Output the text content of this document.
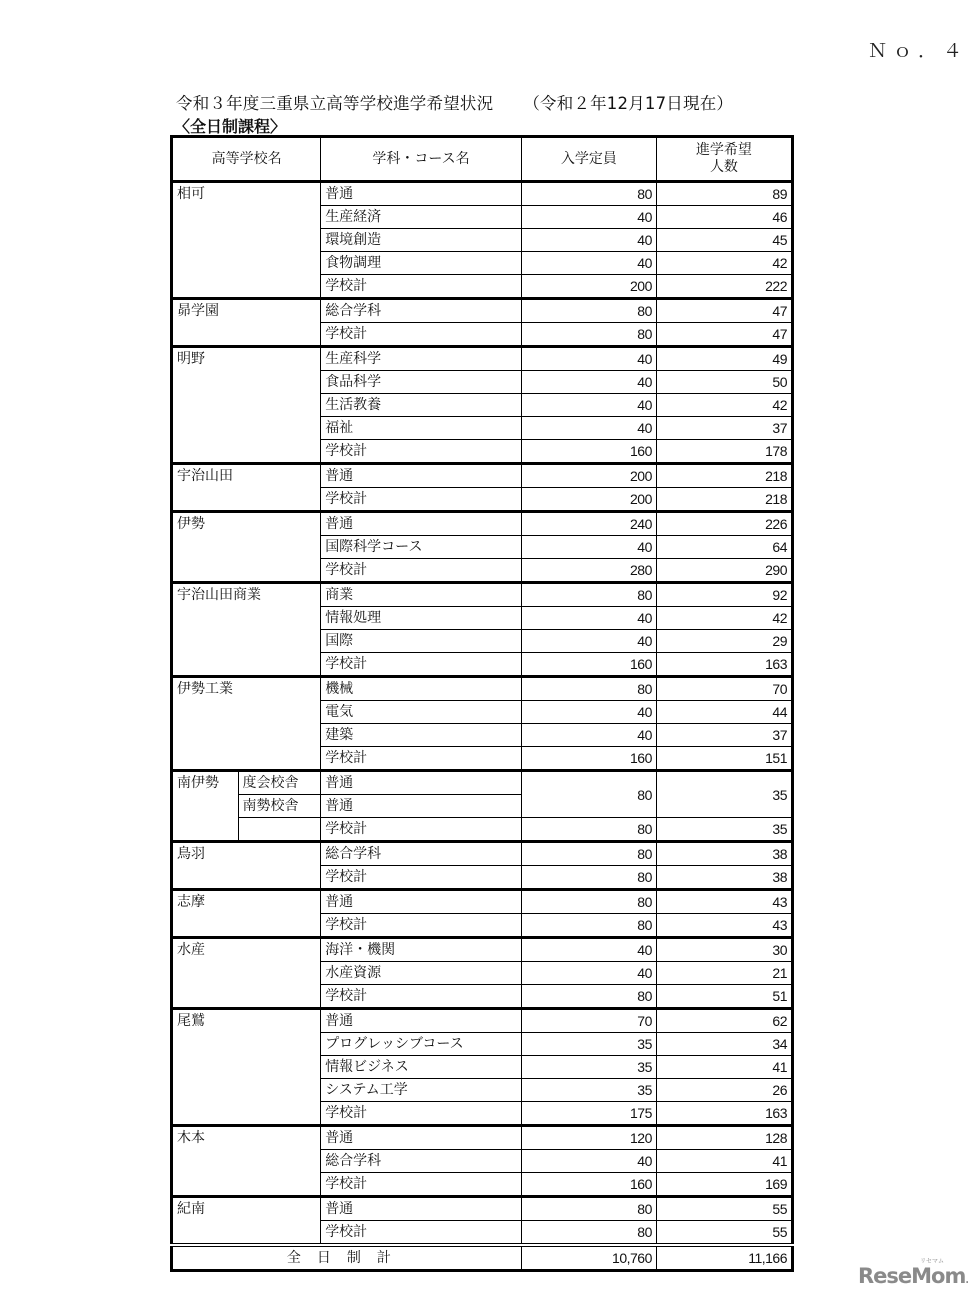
Ｎｏ．４
令和３年度三重県立高等学校進学希望状況 （令和２年12月17日現在）
〈全日制課程〉
高等学校名		学科・コース名	入学定員	進学希望
人数
相可		普通	80	89
		生産経済	40	46
		環境創造	40	45
		食物調理	40	42
		学校計	200	222
昴学園		総合学科	80	47
		学校計	80	47
明野		生産科学	40	49
		食品科学	40	50
		生活教養	40	42
		福祉	40	37
		学校計	160	178
宇治山田		普通	200	218
		学校計	200	218
伊勢		普通	240	226
		国際科学コース	40	64
		学校計	280	290
宇治山田商業		商業	80	92
		情報処理	40	42
		国際	40	29
		学校計	160	163
伊勢工業		機械	80	70
		電気	40	44
		建築	40	37
		学校計	160	151
南伊勢	度会校舎	普通	80	35
	南勢校舎	普通		
		学校計	80	35
鳥羽		総合学科	80	38
		学校計	80	38
志摩		普通	80	43
		学校計	80	43
水産		海洋・機関	40	30
		水産資源	40	21
		学校計	80	51
尾鷲		普通	70	62
		プログレッシブコース	35	34
		情報ビジネス	35	41
		システム工学	35	26
		学校計	175	163
木本		普通	120	128
		総合学科	40	41
		学校計	160	169
紀南		普通	80	55
		学校計	80	55
全日制計			10,760	11,166
ReseMom.
リセマム
